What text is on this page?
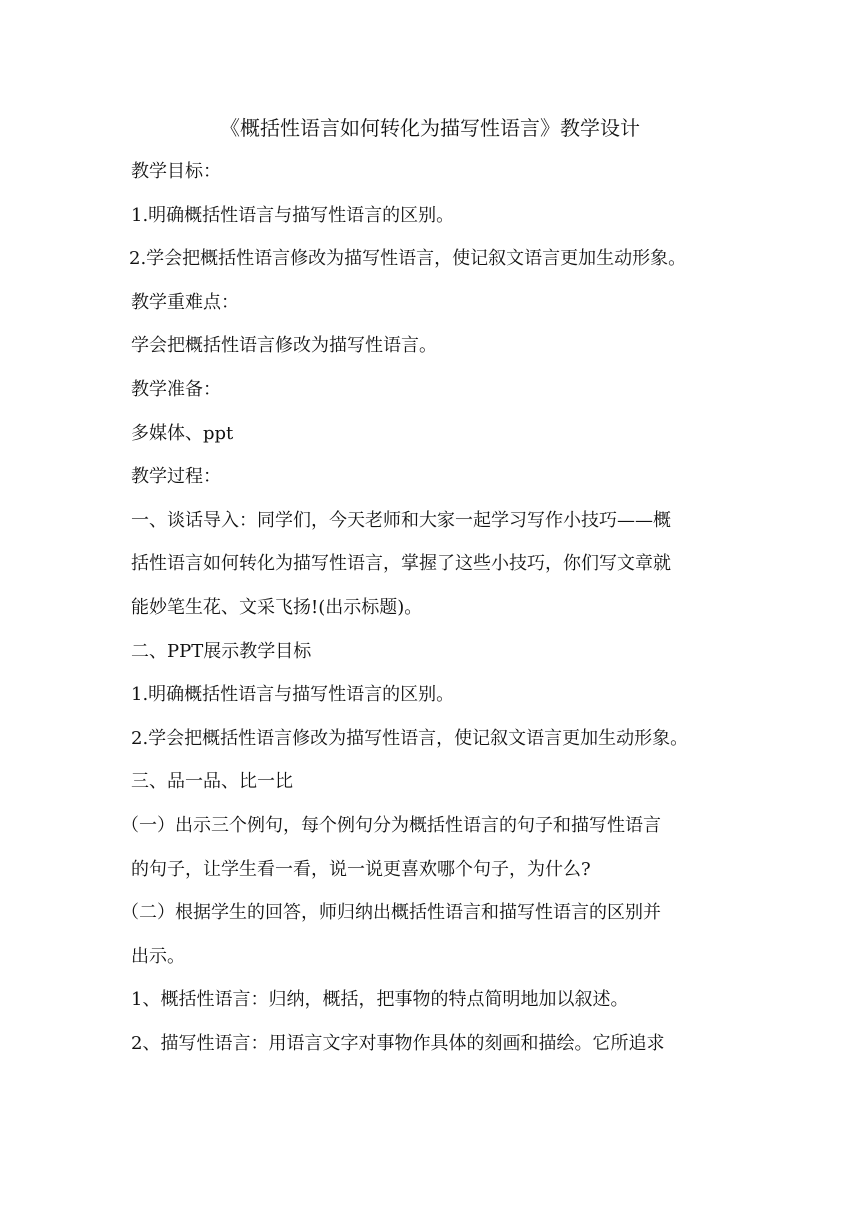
《概括性语言如何转化为描写性语言》教学设计
教学目标：
1.明确概括性语言与描写性语言的区别。
2.学会把概括性语言修改为描写性语言，使记叙文语言更加生动形象。
教学重难点：
学会把概括性语言修改为描写性语言。
教学准备：
多媒体、ppt
教学过程：
一、谈话导入：同学们，今天老师和大家一起学习写作小技巧——概
括性语言如何转化为描写性语言，掌握了这些小技巧，你们写文章就
能妙笔生花、文采飞扬!(出示标题)。
二、PPT展示教学目标
1.明确概括性语言与描写性语言的区别。
2.学会把概括性语言修改为描写性语言，使记叙文语言更加生动形象。
三、品一品、比一比
（一）出示三个例句，每个例句分为概括性语言的句子和描写性语言
的句子，让学生看一看，说一说更喜欢哪个句子，为什么?
（二）根据学生的回答，师归纳出概括性语言和描写性语言的区别并
出示。
1、概括性语言：归纳，概括，把事物的特点简明地加以叙述。
2、描写性语言：用语言文字对事物作具体的刻画和描绘。它所追求
